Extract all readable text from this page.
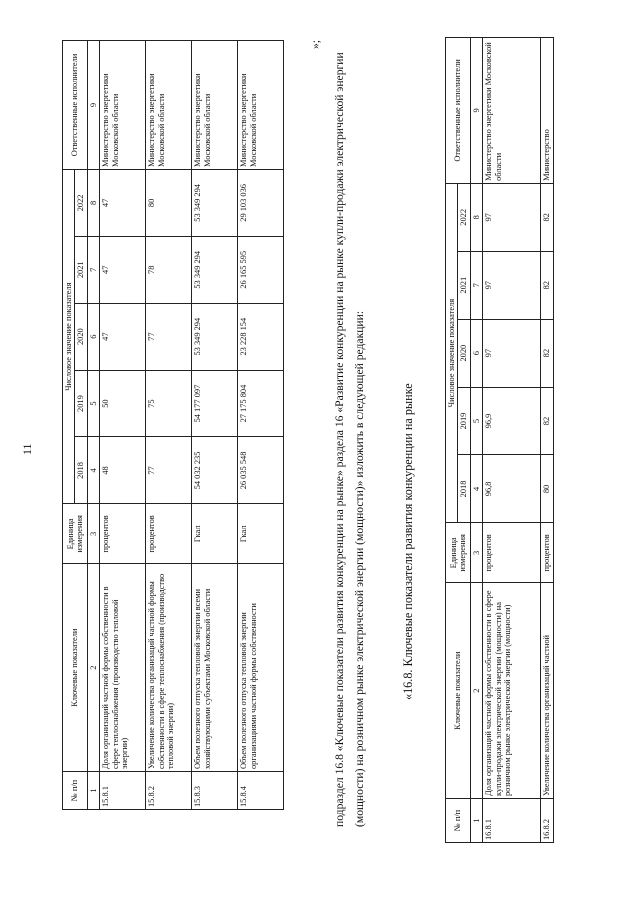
11
№ п/п	Ключевые показатели	Единица измерения	Числовое значение показателя					Ответственные исполнители
			2018	2019	2020	2021	2022	
1	2	3	4	5	6	7	8	9
15.8.1	Доля организаций частной формы собственности в сфере теплоснабжения (производство тепловой энергии)	процентов	48	50	47	47	47	Министерство энергетики Московской области
15.8.2	Увеличение количества организаций частной формы собственности в сфере теплоснабжения (производство тепловой энергии)	процентов	77	75	77	78	80	Министерство энергетики Московской области
15.8.3	Объем полезного отпуска тепловой энергии всеми хозяйствующими субъектами Московской области	Гкал	54 032 235	54 177 097	53 349 294	53 349 294	53 349 294	Министерство энергетики Московской области
15.8.4	Объем полезного отпуска тепловой энергии организациями частной формы собственности	Гкал	26 035 548	27 175 804	23 228 154	26 165 595	29 103 036	Министерство энергетики Московской области
»;
подраздел 16.8 «Ключевые показатели развития конкуренции на рынке» раздела 16 «Развитие конкуренции на рынке купли-продажи электрической энергии (мощности) на розничном рынке электрической энергии (мощности)» изложить в следующей редакции:	«16.8. Ключевые показатели развития конкуренции на рынке
№ п/п	Ключевые показатели	Единица измерения	Числовое значение показателя					Ответственные исполнители
			2018	2019	2020	2021	2022	
1	2	3	4	5	6	7	8	9
16.8.1	Доля организаций частной формы собственности в сфере купли-продажи электрической энергии (мощности) на розничном рынке электрической энергии (мощности)	процентов	96,8	96,9	97	97	97	Министерство энергетики Московской области
16.8.2	Увеличение количества организаций частной	процентов	80	82	82	82	82	Министерство
